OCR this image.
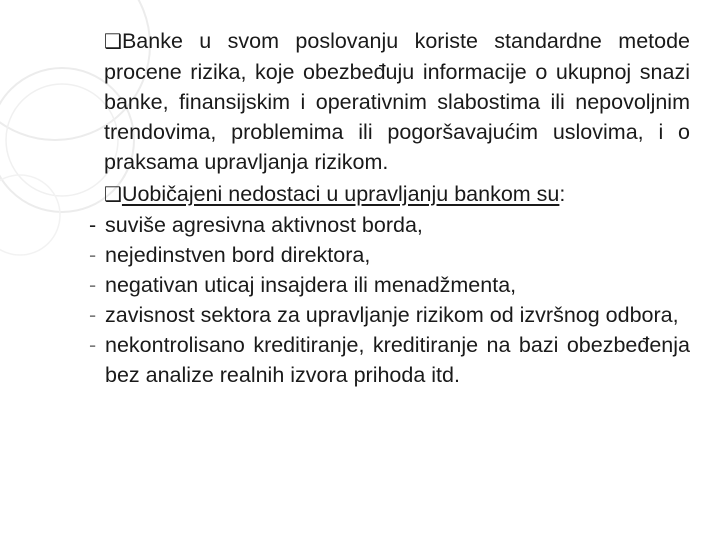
❑Banke u svom poslovanju koriste standardne metode procene rizika, koje obezbeđuju informacije o ukupnoj snazi banke, finansijskim i operativnim slabostima ili nepovoljnim trendovima, problemima ili pogoršavajućim uslovima, i o praksama upravljanja rizikom.
❑Uobičajeni nedostaci u upravljanju bankom su:
- suviše agresivna aktivnost borda,
- nejedinstven bord direktora,
- negativan uticaj insajdera ili menadžmenta,
- zavisnost sektora za upravljanje rizikom od izvršnog odbora,
- nekontrolisano kreditiranje, kreditiranje na bazi obezbeđenja bez analize realnih izvora prihoda itd.
